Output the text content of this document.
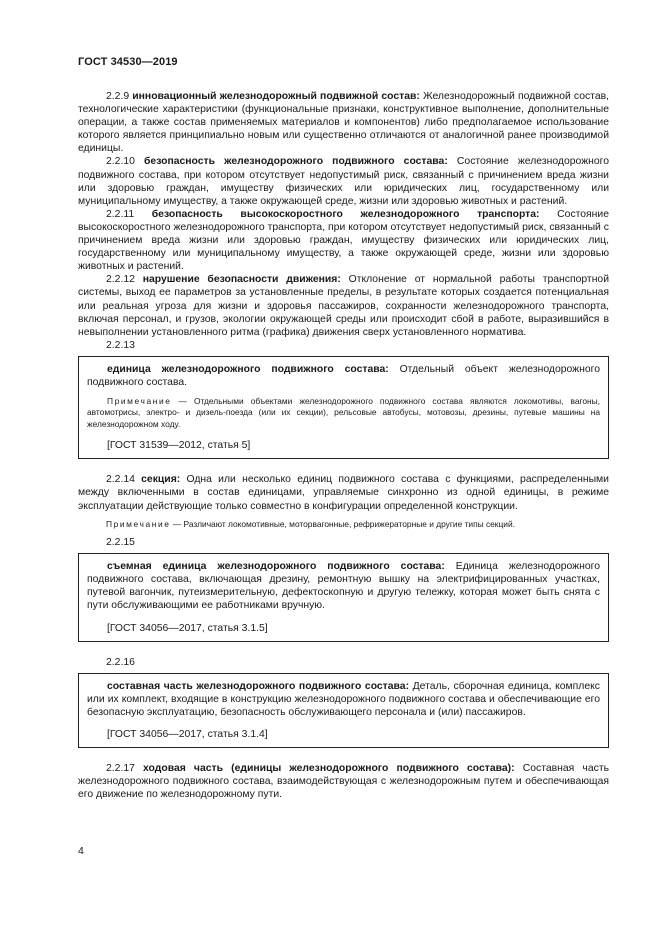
ГОСТ 34530—2019

2.2.9 инновационный железнодорожный подвижной состав: Железнодорожный подвижной состав, технологические характеристики (функциональные признаки, конструктивное выполнение, дополнительные операции, а также состав применяемых материалов и компонентов) либо предполагаемое использование которого является принципиально новым или существенно отличаются от аналогичной ранее производимой единицы.

2.2.10 безопасность железнодорожного подвижного состава: Состояние железнодорожного подвижного состава, при котором отсутствует недопустимый риск, связанный с причинением вреда жизни или здоровью граждан, имуществу физических или юридических лиц, государственному или муниципальному имуществу, а также окружающей среде, жизни или здоровью животных и растений.

2.2.11 безопасность высокоскоростного железнодорожного транспорта: Состояние высокоскоростного железнодорожного транспорта, при котором отсутствует недопустимый риск, связанный с причинением вреда жизни или здоровью граждан, имуществу физических или юридических лиц, государственному или муниципальному имуществу, а также окружающей среде, жизни или здоровью животных и растений.

2.2.12 нарушение безопасности движения: Отклонение от нормальной работы транспортной системы, выход ее параметров за установленные пределы, в результате которых создается потенциальная или реальная угроза для жизни и здоровья пассажиров, сохранности железнодорожного транспорта, включая персонал, и грузов, экологии окружающей среды или происходит сбой в работе, выразившийся в невыполнении установленного ритма (графика) движения сверх установленного норматива.

2.2.13

единица железнодорожного подвижного состава: Отдельный объект железнодорожного подвижного состава.

Примечание — Отдельными объектами железнодорожного подвижного состава являются локомотивы, вагоны, автомотрисы, электро- и дизель-поезда (или их секции), рельсовые автобусы, мотовозы, дрезины, путевые машины на железнодорожном ходу.

[ГОСТ 31539—2012, статья 5]

2.2.14 секция: Одна или несколько единиц подвижного состава с функциями, распределенными между включенными в состав единицами, управляемые синхронно из одной единицы, в режиме эксплуатации действующие только совместно в конфигурации определенной конструкции.

Примечание — Различают локомотивные, моторвагонные, рефрижераторные и другие типы секций.

2.2.15

съемная единица железнодорожного подвижного состава: Единица железнодорожного подвижного состава, включающая дрезину, ремонтную вышку на электрифицированных участках, путевой вагончик, путеизмерительную, дефектоскопную и другую тележку, которая может быть снята с пути обслуживающими ее работниками вручную.

[ГОСТ 34056—2017, статья 3.1.5]

2.2.16

составная часть железнодорожного подвижного состава: Деталь, сборочная единица, комплекс или их комплект, входящие в конструкцию железнодорожного подвижного состава и обеспечивающие его безопасную эксплуатацию, безопасность обслуживающего персонала и (или) пассажиров.

[ГОСТ 34056—2017, статья 3.1.4]

2.2.17 ходовая часть (единицы железнодорожного подвижного состава): Составная часть железнодорожного подвижного состава, взаимодействующая с железнодорожным путем и обеспечивающая его движение по железнодорожному пути.

4
